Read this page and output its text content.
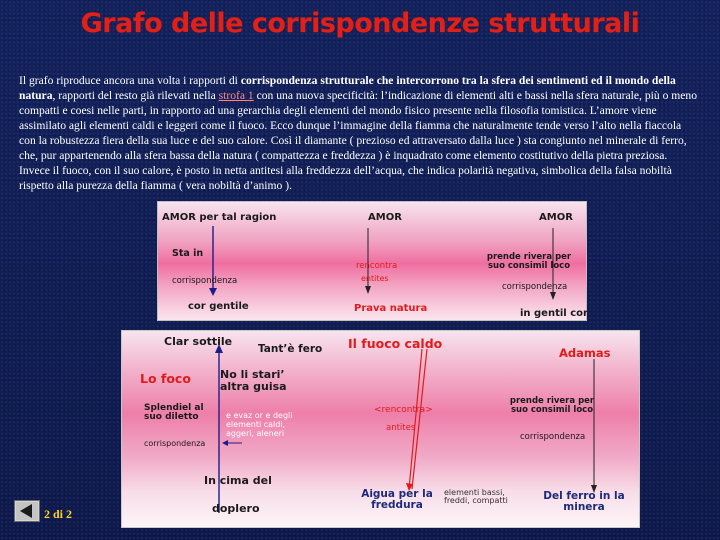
Grafo delle corrispondenze strutturali
Il grafo riproduce ancora una volta i rapporti di corrispondenza strutturale che intercorrono tra la sfera dei sentimenti ed il mondo della natura, rapporti del resto già rilevati nella strofa 1 con una nuova specificità: l’indicazione di elementi alti e bassi nella sfera naturale, più o meno compatti e coesi nelle parti, in rapporto ad una gerarchia degli elementi del mondo fisico presente nella filosofia tomistica. L’amore viene assimilato agli elementi caldi e leggeri come il fuoco. Ecco dunque l’immagine della fiamma che naturalmente tende verso l’alto nella fiaccola con la robustezza fiera della sua luce e del suo calore. Così il diamante ( prezioso ed attraversato dalla luce ) sta congiunto nel minerale di ferro, che, pur appartenendo alla sfera bassa della natura ( compattezza e freddezza ) è inquadrato come elemento costitutivo della pietra preziosa. Invece il fuoco, con il suo calore, è posto in netta antitesi alla freddezza dell’acqua, che indica polarità negativa, simbolica della falsa nobiltà rispetto alla purezza della fiamma ( vera nobiltà d’animo ).
AMOR per tal ragion	AMOR	AMOR
Sta in
corrispondenza
cor gentile
rencontra
entites
Prava natura
prende rivera per suo consimil loco
corrispondenza
in gentil cor
Clar sottile
Tant’è fero Il fuoco caldo
Adamas
Lo foco	No li stari’ altra guisa
Splendiel al suo diletto
corrispondenza
e evaz or e degli elementi caldi, aggeri, aleneri
<rencontra>
antites
prende rivera per suo consimil loco
corrispondenza
In cima del
doplero
Aigua per la freddura
elementi bassi, freddi, compatti	Del ferro in la minera
2 di 2
